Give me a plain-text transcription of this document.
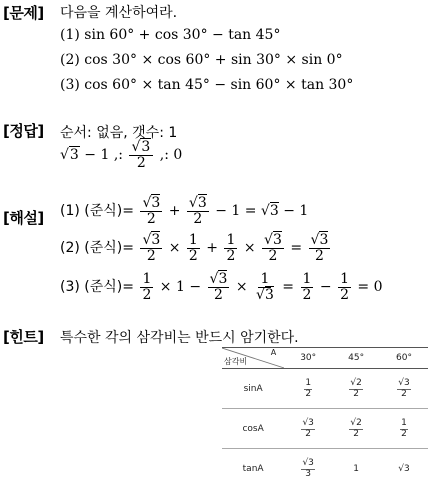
[문제] 다음을 계산하여라.
(1) sin 60° + cos 30° − tan 45°
(2) cos 30° × cos 60° + sin 30° × sin 0°
(3) cos 60° × tan 45° − sin 60° × tan 30°
[정답] 순서: 없음, 갯수: 1
√3 − 1 ,: $\frac{√3}{2}$ ,: 0
[해설] (1) (준식)= $\frac{√3}{2} + \frac{√3}{2} - 1 = √3 - 1$
(2) (준식)= $\frac{√3}{2} \times \frac{1}{2} + \frac{1}{2} \times \frac{√3}{2} = \frac{√3}{2}$
(3) (준식)= $\frac{1}{2} \times 1 - \frac{√3}{2} \times \frac{1}{√3} = \frac{1}{2} - \frac{1}{2} = 0$
[힌트] 특수한 각의 삼각비는 반드시 암기한다.
삼각비
A	30°	45°	60°
sinA	$\frac{1}{2}$	$\frac{√2}{2}$	$\frac{√3}{2}$

cosA	$\frac{√3}{2}$	$\frac{√2}{2}$	$\frac{1}{2}$

tanA	$\frac{√3}{3}$	1	√3
